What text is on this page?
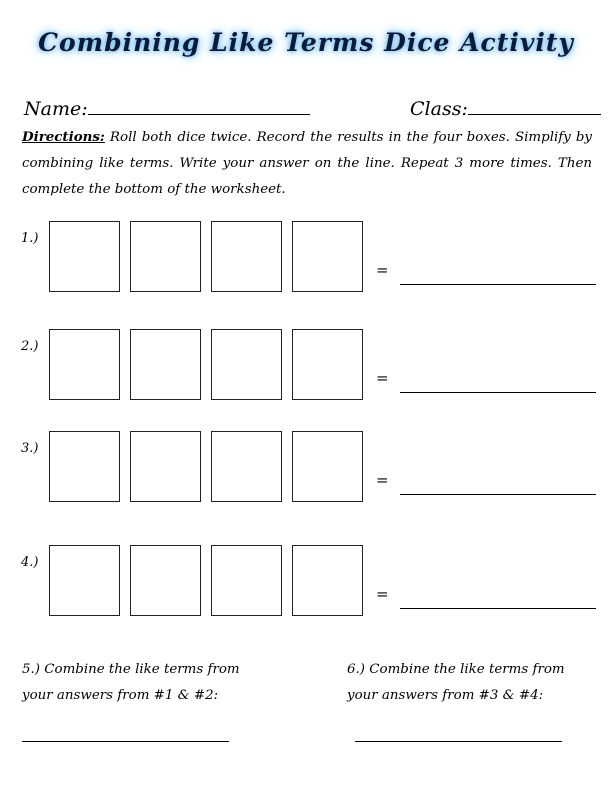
Combining Like Terms Dice Activity
Name:	Class:
Directions: Roll both dice twice. Record the results in the four boxes. Simplify by combining like terms. Write your answer on the line. Repeat 3 more times. Then complete the bottom of the worksheet.
1.)
=
2.)
=
3.)
=
4.)
=
5.) Combine the like terms from
your answers from #1 & #2:
6.) Combine the like terms from
your answers from #3 & #4:
